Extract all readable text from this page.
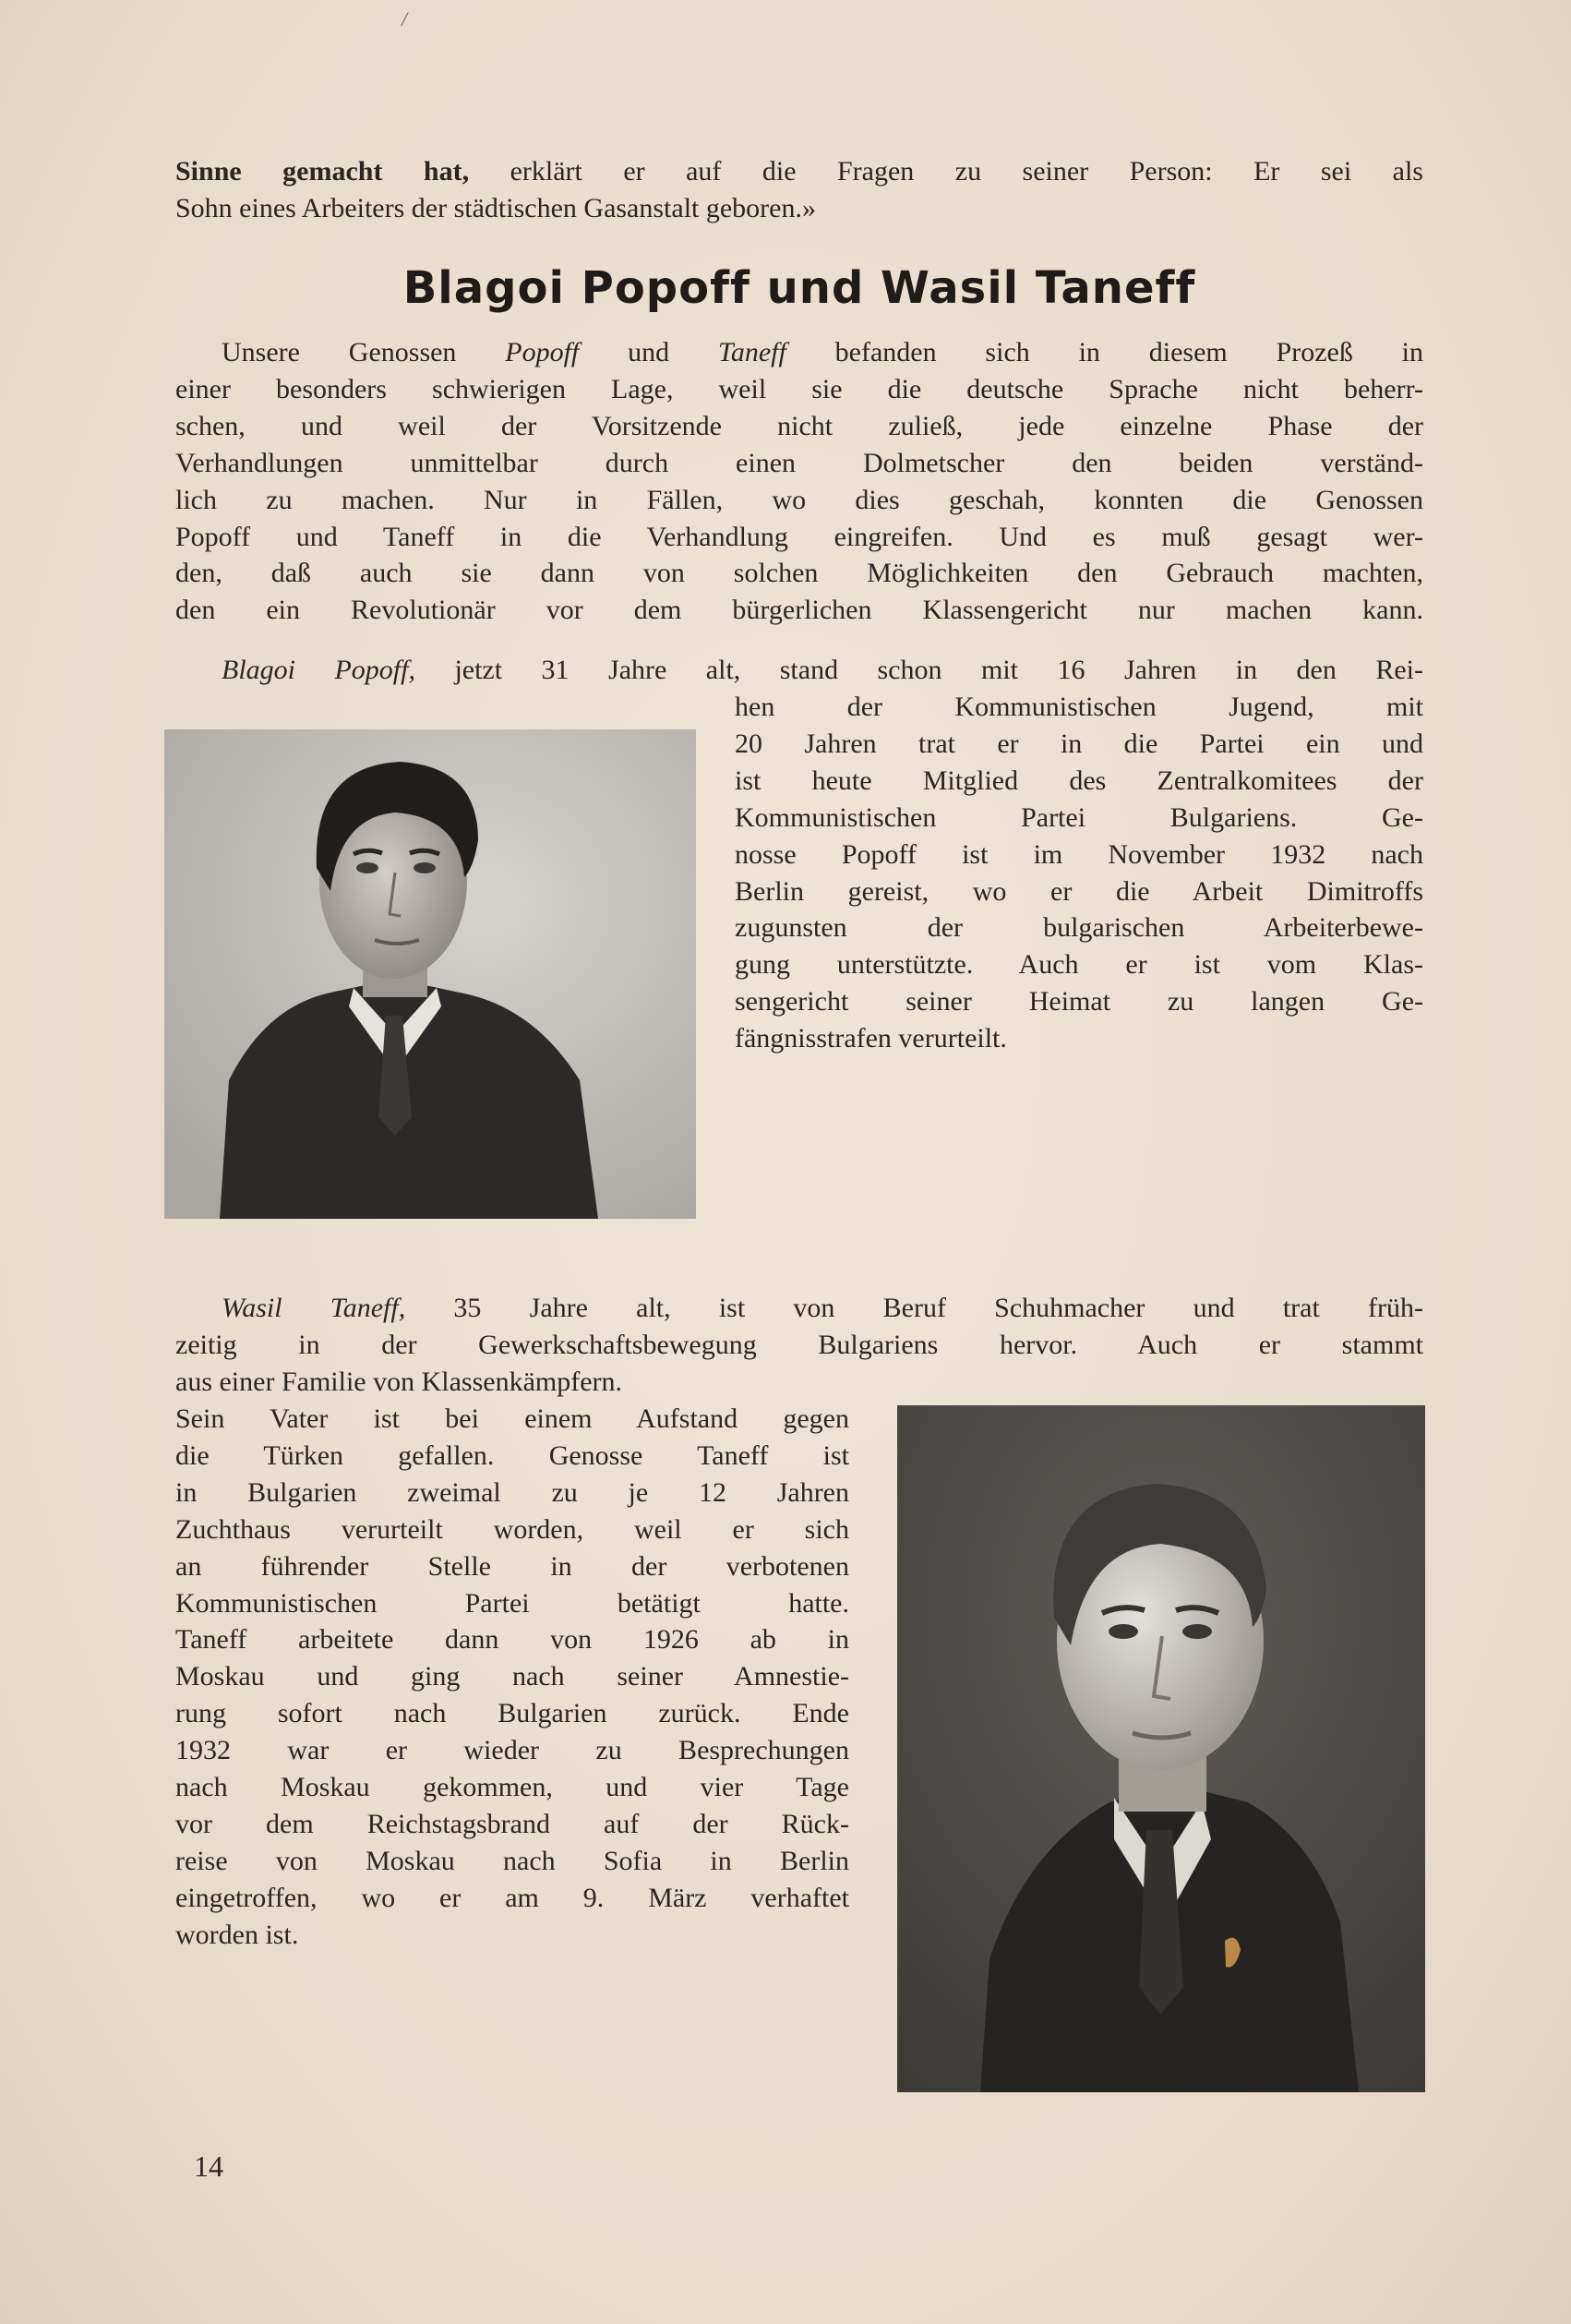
/

Sinne gemacht hat, erklärt er auf die Fragen zu seiner Person: Er sei als
Sohn eines Arbeiters der städtischen Gasanstalt geboren.»
Blagoi Popoff und Wasil Taneff
Unsere Genossen Popoff und Taneff befanden sich in diesem Prozeß in
einer besonders schwierigen Lage, weil sie die deutsche Sprache nicht beherr-
schen, und weil der Vorsitzende nicht zuließ, jede einzelne Phase der
Verhandlungen unmittelbar durch einen Dolmetscher den beiden verständ-
lich zu machen. Nur in Fällen, wo dies geschah, konnten die Genossen
Popoff und Taneff in die Verhandlung eingreifen. Und es muß gesagt wer-
den, daß auch sie dann von solchen Möglichkeiten den Gebrauch machten,
den ein Revolutionär vor dem bürgerlichen Klassengericht nur machen kann.
Blagoi Popoff, jetzt 31 Jahre alt, stand schon mit 16 Jahren in den Rei-
hen der Kommunistischen Jugend, mit
20 Jahren trat er in die Partei ein und
ist heute Mitglied des Zentralkomitees der
Kommunistischen Partei Bulgariens. Ge-
nosse Popoff ist im November 1932 nach
Berlin gereist, wo er die Arbeit Dimitroffs
zugunsten der bulgarischen Arbeiterbewe-
gung unterstützte. Auch er ist vom Klas-
sengericht seiner Heimat zu langen Ge-
fängnisstrafen verurteilt.
Wasil Taneff, 35 Jahre alt, ist von Beruf Schuhmacher und trat früh-
zeitig in der Gewerkschaftsbewegung Bulgariens hervor. Auch er stammt
aus einer Familie von Klassenkämpfern.
Sein Vater ist bei einem Aufstand gegen
die Türken gefallen. Genosse Taneff ist
in Bulgarien zweimal zu je 12 Jahren
Zuchthaus verurteilt worden, weil er sich
an führender Stelle in der verbotenen
Kommunistischen Partei betätigt hatte.
Taneff arbeitete dann von 1926 ab in
Moskau und ging nach seiner Amnestie-
rung sofort nach Bulgarien zurück. Ende
1932 war er wieder zu Besprechungen
nach Moskau gekommen, und vier Tage
vor dem Reichstagsbrand auf der Rück-
reise von Moskau nach Sofia in Berlin
eingetroffen, wo er am 9. März verhaftet
worden ist.

14
